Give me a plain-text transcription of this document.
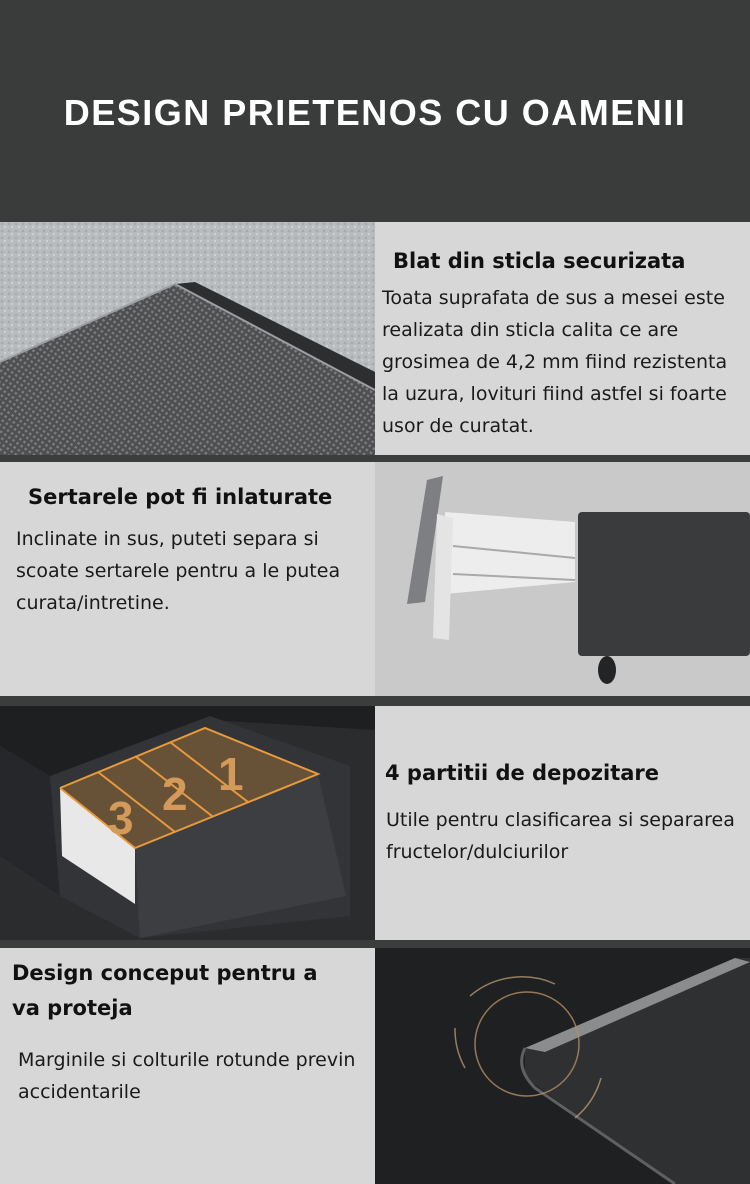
DESIGN PRIETENOS CU OAMENII
Blat din sticla securizata
Toata suprafata de sus a mesei este realizata din sticla calita ce are grosimea de 4,2 mm fiind rezistenta la uzura, lovituri fiind astfel si foarte usor de curatat.
Sertarele pot fi inlaturate
Inclinate in sus, puteti separa si scoate sertarele pentru a le putea curata/intretine.
3 2 1	4 partitii de depozitare
Utile pentru clasificarea si separarea fructelor/dulciurilor
Design conceput pentru a va proteja
Marginile si colturile rotunde previn accidentarile
